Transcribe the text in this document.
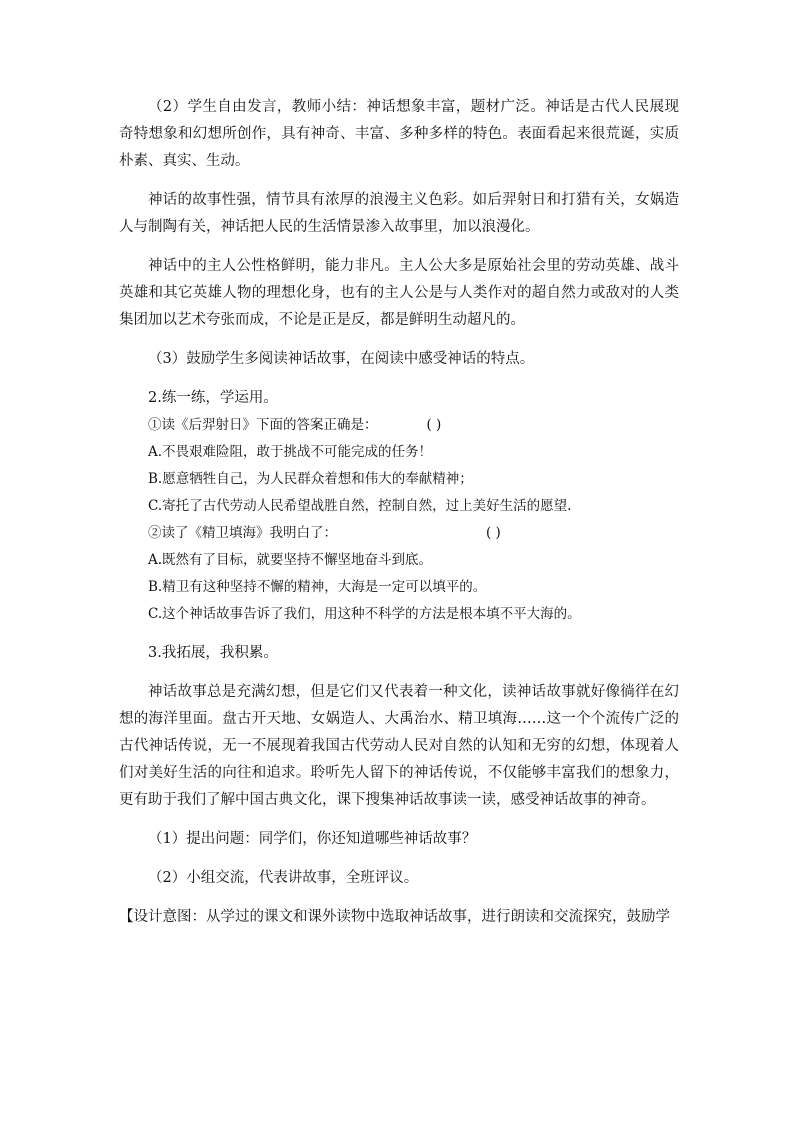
（2）学生自由发言，教师小结：神话想象丰富，题材广泛。神话是古代人民展现奇特想象和幻想所创作，具有神奇、丰富、多种多样的特色。表面看起来很荒诞，实质朴素、真实、生动。

神话的故事性强，情节具有浓厚的浪漫主义色彩。如后羿射日和打猎有关，女娲造人与制陶有关，神话把人民的生活情景渗入故事里，加以浪漫化。

神话中的主人公性格鲜明，能力非凡。主人公大多是原始社会里的劳动英雄、战斗英雄和其它英雄人物的理想化身，也有的主人公是与人类作对的超自然力或敌对的人类集团加以艺术夸张而成，不论是正是反，都是鲜明生动超凡的。

（3）鼓励学生多阅读神话故事，在阅读中感受神话的特点。

2.练一练，学运用。

①读《后羿射日》下面的答案正确是：	( )

A.不畏艰难险阻，敢于挑战不可能完成的任务！

B.愿意牺牲自己，为人民群众着想和伟大的奉献精神；

C.寄托了古代劳动人民希望战胜自然，控制自然，过上美好生活的愿望.

②读了《精卫填海》我明白了：	( )

A.既然有了目标，就要坚持不懈坚地奋斗到底。

B.精卫有这种坚持不懈的精神，大海是一定可以填平的。

C.这个神话故事告诉了我们，用这种不科学的方法是根本填不平大海的。

3.我拓展，我积累。

神话故事总是充满幻想，但是它们又代表着一种文化，读神话故事就好像徜徉在幻想的海洋里面。盘古开天地、女娲造人、大禹治水、精卫填海……这一个个流传广泛的古代神话传说，无一不展现着我国古代劳动人民对自然的认知和无穷的幻想，体现着人们对美好生活的向往和追求。聆听先人留下的神话传说，不仅能够丰富我们的想象力，更有助于我们了解中国古典文化，课下搜集神话故事读一读，感受神话故事的神奇。

（1）提出问题：同学们，你还知道哪些神话故事？

（2）小组交流，代表讲故事，全班评议。

【设计意图：从学过的课文和课外读物中选取神话故事，进行朗读和交流探究，鼓励学
